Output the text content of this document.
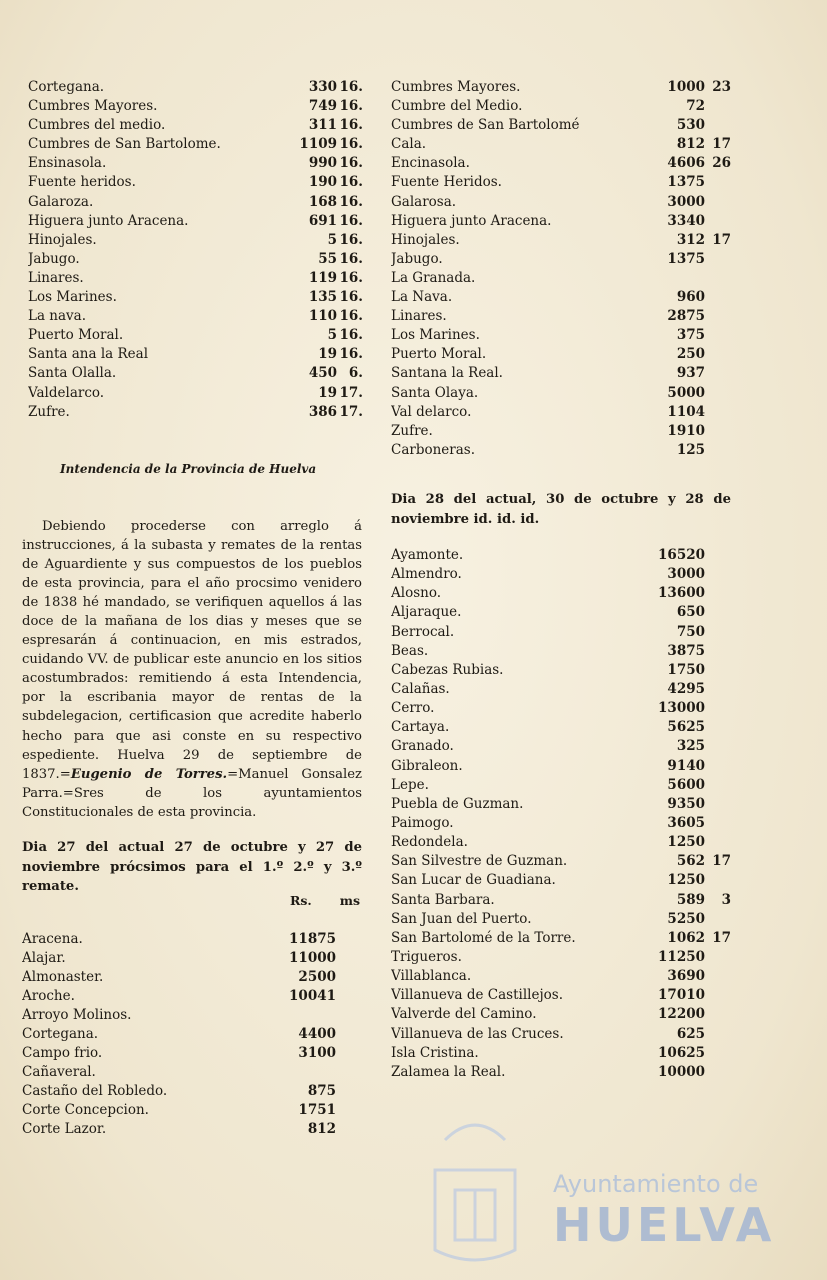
Cortegana.	330 16.
Cumbres Mayores.	749 16.
Cumbres del medio.	311 16.
Cumbres de San Bartolome.	1109 16.
Ensinasola.	990 16.
Fuente heridos.	190 16.
Galaroza.	168 16.
Higuera junto Aracena.	691 16.
Hinojales.	5 16.
Jabugo.	55 16.
Linares.	119 16.
Los Marines.	135 16.
La nava.	110 16.
Puerto Moral.	5 16.
Santa ana la Real	19 16.
Santa Olalla.	450 6.
Valdelarco.	19 17.
Zufre.	386 17.
Cumbres Mayores.	1000 23
Cumbre del Medio.	72
Cumbres de San Bartolomé	530
Cala.	812 17
Encinasola.	4606 26
Fuente Heridos.	1375
Galarosa.	3000
Higuera junto Aracena.	3340
Hinojales.	312 17
Jabugo.	1375
La Granada.
La Nava.	960
Linares.	2875
Los Marines.	375
Puerto Moral.	250
Santana la Real.	937
Santa Olaya.	5000
Val delarco.	1104
Zufre.	1910
Carboneras.	125
Intendencia de la Provincia de Huelva
Debiendo procederse con arreglo á instrucciones, á la subasta y remates de la rentas de Aguardiente y sus compuestos de los pueblos de esta provincia, para el año procsimo venidero de 1838 hé mandado, se verifiquen aquellos á las doce de la mañana de los dias y meses que se espresarán á continuacion, en mis estrados, cuidando VV. de publicar este anuncio en los sitios acostumbrados: remitiendo á esta Intendencia, por la escribania mayor de rentas de la subdelegacion, certificasion que acredite haberlo hecho para que asi conste en su respectivo espediente. Huelva 29 de septiembre de 1837.=Eugenio de Torres.=Manuel Gonsalez Parra.=Sres de los ayuntamientos Constitucionales de esta provincia.
Dia 27 del actual 27 de octubre y 27 de noviembre prócsimos para el 1.º 2.º y 3.º remate.
Rs. ms
Aracena.	11875
Alajar.	11000
Almonaster.	2500
Aroche.	10041
Arroyo Molinos.
Cortegana.	4400
Campo frio.	3100
Cañaveral.
Castaño del Robledo.	875
Corte Concepcion.	1751
Corte Lazor.	812
Dia 28 del actual, 30 de octubre y 28 de noviembre id. id. id.
Ayamonte.	16520
Almendro.	3000
Alosno.	13600
Aljaraque.	650
Berrocal.	750
Beas.	3875
Cabezas Rubias.	1750
Calañas.	4295
Cerro.	13000
Cartaya.	5625
Granado.	325
Gibraleon.	9140
Lepe.	5600
Puebla de Guzman.	9350
Paimogo.	3605
Redondela.	1250
San Silvestre de Guzman.	562 17
San Lucar de Guadiana.	1250
Santa Barbara.	589	3
San Juan del Puerto.	5250
San Bartolomé de la Torre.	1062 17
Trigueros.	11250
Villablanca.	3690
Villanueva de Castillejos.	17010
Valverde del Camino.	12200
Villanueva de las Cruces.	625
Isla Cristina.	10625
Zalamea la Real.	10000
Ayuntamiento de
HUELVA
